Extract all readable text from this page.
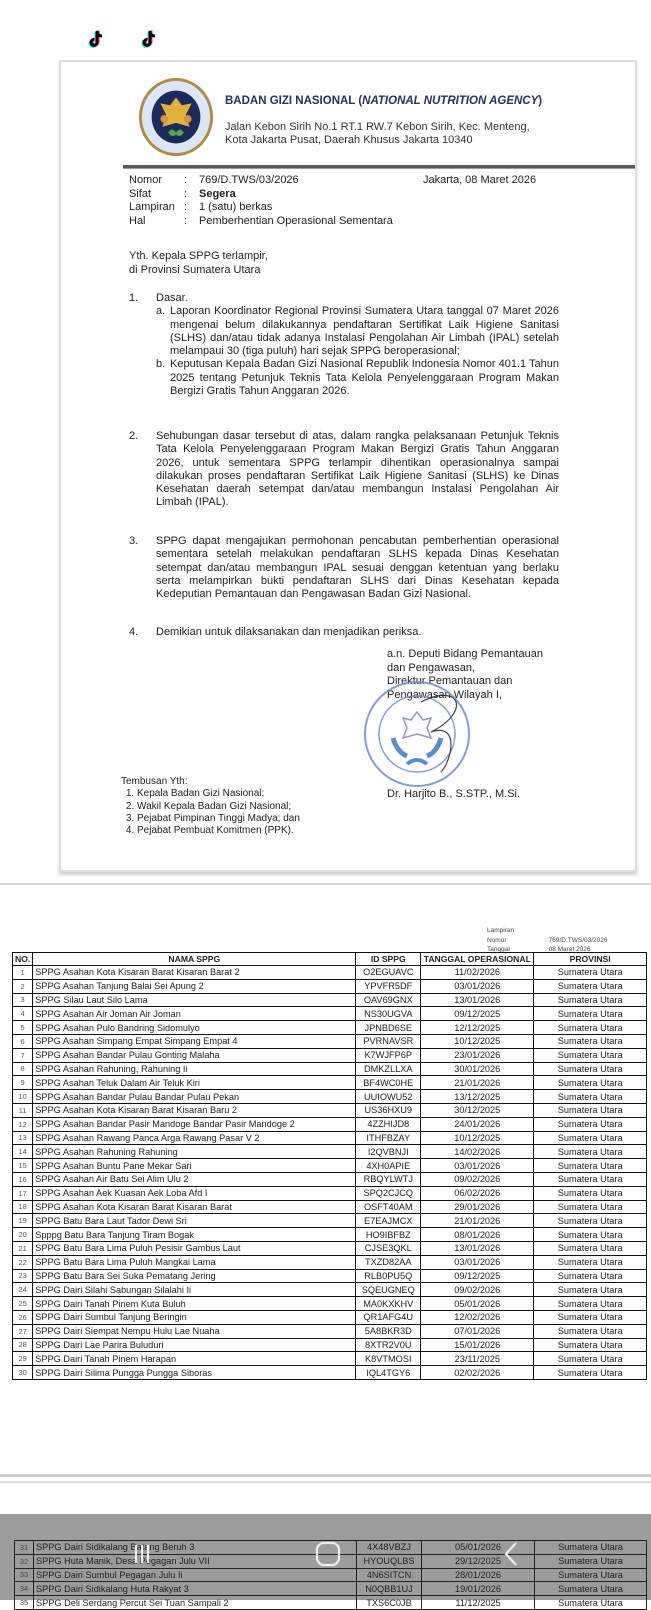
BADAN GIZI NASIONAL (NATIONAL NUTRITION AGENCY)
Jalan Kebon Sirih No.1 RT.1 RW.7 Kebon Sirih, Kec. Menteng,
Kota Jakarta Pusat, Daerah Khusus Jakarta 10340
Nomor	:	769/D.TWS/03/2026
Sifat	:	Segera
Lampiran :	1 (satu) berkas
Hal	:	Pemberhentian Operasional Sementara
Jakarta, 08 Maret 2026
Yth. Kepala SPPG terlampir,
di Provinsi Sumatera Utara
1. Dasar.
a. Laporan Koordinator Regional Provinsi Sumatera Utara tanggal 07 Maret 2026 mengenai belum dilakukannya pendaftaran Sertifikat Laik Higiene Sanitasi (SLHS) dan/atau tidak adanya Instalasi Pengolahan Air Limbah (IPAL) setelah melampaui 30 (tiga puluh) hari sejak SPPG beroperasional;
b. Keputusan Kepala Badan Gizi Nasional Republik Indonesia Nomor 401.1 Tahun 2025 tentang Petunjuk Teknis Tata Kelola Penyelenggaraan Program Makan Bergizi Gratis Tahun Anggaran 2026.
2. Sehubungan dasar tersebut di atas, dalam rangka pelaksanaan Petunjuk Teknis Tata Kelola Penyelenggaraan Program Makan Bergizi Gratis Tahun Anggaran 2026, untuk sementara SPPG terlampir dihentikan operasionalnya sampai dilakukan proses pendaftaran Sertifikat Laik Higiene Sanitasi (SLHS) ke Dinas Kesehatan daerah setempat dan/atau membangun Instalasi Pengolahan Air Limbah (IPAL).
3. SPPG dapat mengajukan permohonan pencabutan pemberhentian operasional sementara setelah melakukan pendaftaran SLHS kepada Dinas Kesehatan setempat dan/atau membangun IPAL sesuai denggan ketentuan yang berlaku serta melampirkan bukti pendaftaran SLHS dari Dinas Kesehatan kepada Kedeputian Pemantauan dan Pengawasan Badan Gizi Nasional.
4. Demikian untuk dilaksanakan dan menjadikan periksa.
a.n. Deputi Bidang Pemantauan
dan Pengawasan,
Direktur Pemantauan dan
Pengawasan Wilayah I,
Dr. Harjito B., S.STP., M.Si.
Tembusan Yth:
1. Kepala Badan Gizi Nasional;
2. Wakil Kepala Badan Gizi Nasional;
3. Pejabat Pimpinan Tinggi Madya; dan
4. Pejabat Pembuat Komitmen (PPK).
Lampiran
Nomor	: 769/D.TWS/03/2026
Tanggal	: 08 Maret 2026
NO.	NAMA SPPG	ID SPPG	TANGGAL OPERASIONAL	PROVINSI
1	SPPG Asahan Kota Kisaran Barat Kisaran Barat 2	O2EGUAVC	11/02/2026	Sumatera Utara
2	SPPG Asahan Tanjung Balai Sei Apung 2	YPVFR5DF	03/01/2026	Sumatera Utara
3	SPPG Silau Laut Silo Lama	OAV69GNX	13/01/2026	Sumatera Utara
4	SPPG Asahan Air Joman Air Joman	NS30UGVA	09/12/2025	Sumatera Utara
5	SPPG Asahan Pulo Bandring Sidomulyo	JPNBD6SE	12/12/2025	Sumatera Utara
6	SPPG Asahan Simpang Empat Simpang Empat 4	PVRNAVSR	10/12/2025	Sumatera Utara
7	SPPG Asahan Bandar Pulau Gonting Malaha	K7WJFP6P	23/01/2026	Sumatera Utara
8	SPPG Asahan Rahuning, Rahuning Ii	DMKZLLXA	30/01/2026	Sumatera Utara
9	SPPG Asahan Teluk Dalam Air Teluk Kiri	BF4WC0HE	21/01/2026	Sumatera Utara
10	SPPG Asahan Bandar Pulau Bandar Pulau Pekan	UUIOWU52	13/12/2025	Sumatera Utara
11	SPPG Asahan Kota Kisaran Barat Kisaran Baru 2	US36HXU9	30/12/2025	Sumatera Utara
12	SPPG Asahan Bandar Pasir Mandoge Bandar Pasir Mandoge 2	4ZZHIJD8	24/01/2026	Sumatera Utara
13	SPPG Asahan Rawang Panca Arga Rawang Pasar V 2	ITHFBZAY	10/12/2025	Sumatera Utara
14	SPPG Asahan Rahuning Rahuning	I2QVBNJI	14/02/2026	Sumatera Utara
15	SPPG Asahan Buntu Pane Mekar Sari	4XH0APIE	03/01/2026	Sumatera Utara
16	SPPG Asahan Air Batu Sei Alim Ulu 2	RBQYLWTJ	09/02/2026	Sumatera Utara
17	SPPG Asahan Aek Kuasan Aek Loba Afd I	SPQ2CJCQ	06/02/2026	Sumatera Utara
18	SPPG Asahan Kota Kisaran Barat Kisaran Barat	OSFT40AM	29/01/2026	Sumatera Utara
19	SPPG Batu Bara Laut Tador Dewi Sri	E7EAJMCX	21/01/2026	Sumatera Utara
20	Spppg Batu Bara Tanjung Tiram Bogak	HO9IBFBZ	08/01/2026	Sumatera Utara
21	SPPG Batu Bara Lima Puluh Pesisir Gambus Laut	CJSE3QKL	13/01/2026	Sumatera Utara
22	SPPG Batu Bara Lima Puluh Mangkai Lama	TXZD82AA	03/01/2026	Sumatera Utara
23	SPPG Batu Bara Sei Suka Pematang Jering	RLB0PU5Q	09/12/2025	Sumatera Utara
24	SPPG Dairi Silahi Sabungan Silalahi Ii	SQEUGNEQ	09/02/2026	Sumatera Utara
25	SPPG Dairi Tanah Pinem Kuta Buluh	MA0KXKHV	05/01/2026	Sumatera Utara
26	SPPG Dairi Sumbul Tanjung Beringin	QR1AFG4U	12/02/2026	Sumatera Utara
27	SPPG Dairi Siempat Nempu Hulu Lae Nuaha	5A8BKR3D	07/01/2026	Sumatera Utara
28	SPPG Dairi Lae Parira Buluduri	8XTR2V0U	15/01/2026	Sumatera Utara
29	SPPG Dairi Tanah Pinem Harapan	K8VTMOSI	23/11/2025	Sumatera Utara
30	SPPG Dairi Silima Pungga Pungga Siboras	IQL4TGY6	02/02/2026	Sumatera Utara
31	SPPG Dairi Sidikalang Batang Beruh 3	4X48VBZJ	05/01/2026	Sumatera Utara
32	SPPG Huta Manik, Desa Pegagan Julu VII	HYOUQLBS	29/12/2025	Sumatera Utara
33	SPPG Dairi Sumbul Pegagan Julu Ii	4N6SITCN	28/01/2026	Sumatera Utara
34	SPPG Dairi Sidikalang Huta Rakyat 3	N0QBB1UJ	19/01/2026	Sumatera Utara
35	SPPG Deli Serdang Percut Sei Tuan Sampali 2	TXS6C0JB	11/12/2025	Sumatera Utara
